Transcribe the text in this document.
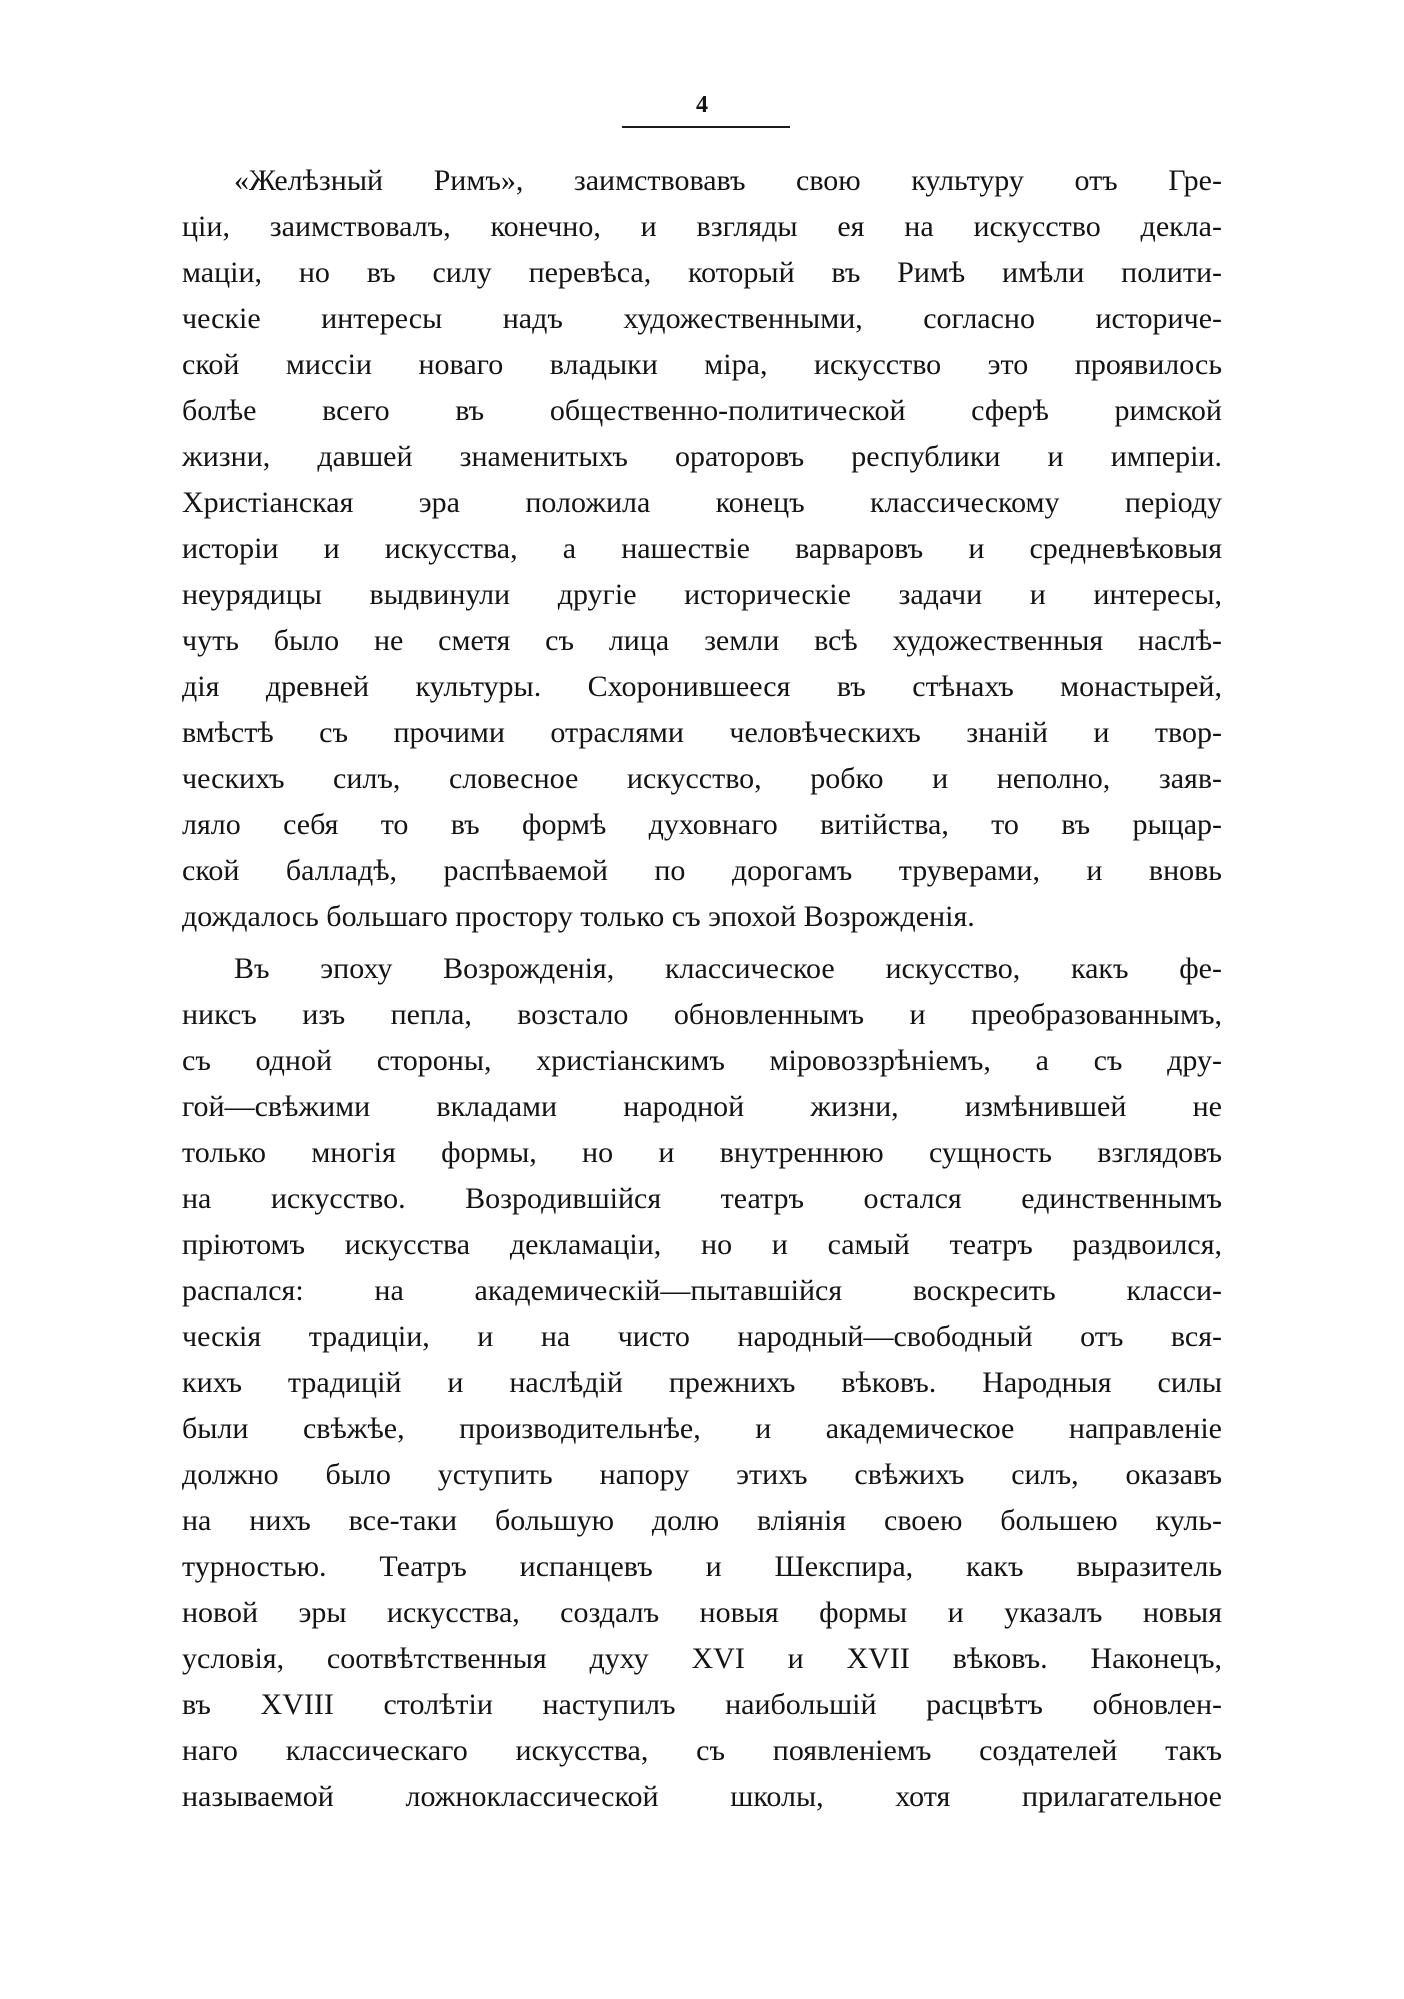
4
«Желѣзный Римъ», заимствовавъ свою культуру отъ Гре-
ціи, заимствовалъ, конечно, и взгляды ея на искусство декла-
маціи, но въ силу перевѣса, который въ Римѣ имѣли полити-
ческіе интересы надъ художественными, согласно историче-
ской миссіи новаго владыки міра, искусство это проявилось
болѣе всего въ общественно-политической сферѣ римской
жизни, давшей знаменитыхъ ораторовъ республики и имперіи.
Христіанская эра положила конецъ классическому періоду
исторіи и искусства, а нашествіе варваровъ и средневѣковыя
неурядицы выдвинули другіе историческіе задачи и интересы,
чуть было не сметя съ лица земли всѣ художественныя наслѣ-
дія древней культуры. Схоронившееся въ стѣнахъ монастырей,
вмѣстѣ съ прочими отраслями человѣческихъ знаній и твор-
ческихъ силъ, словесное искусство, робко и неполно, заяв-
ляло себя то въ формѣ духовнаго витійства, то въ рыцар-
ской балладѣ, распѣваемой по дорогамъ труверами, и вновь
дождалось большаго простору только съ эпохой Возрожденія.
Въ эпоху Возрожденія, классическое искусство, какъ фе-
никсъ изъ пепла, возстало обновленнымъ и преобразованнымъ,
съ одной стороны, христіанскимъ міровоззрѣніемъ, а съ дру-
гой—свѣжими вкладами народной жизни, измѣнившей не
только многія формы, но и внутреннюю сущность взглядовъ
на искусство. Возродившійся театръ остался единственнымъ
пріютомъ искусства декламаціи, но и самый театръ раздвоился,
распался: на академическій—пытавшійся воскресить класси-
ческія традиціи, и на чисто народный—свободный отъ вся-
кихъ традицій и наслѣдій прежнихъ вѣковъ. Народныя силы
были свѣжѣе, производительнѣе, и академическое направленіе
должно было уступить напору этихъ свѣжихъ силъ, оказавъ
на нихъ все-таки большую долю вліянія своею большею куль-
турностью. Театръ испанцевъ и Шекспира, какъ выразитель
новой эры искусства, создалъ новыя формы и указалъ новыя
условія, соотвѣтственныя духу XVI и XVII вѣковъ. Наконецъ,
въ XVIII столѣтіи наступилъ наибольшій расцвѣтъ обновлен-
наго классическаго искусства, съ появленіемъ создателей такъ
называемой ложноклассической школы, хотя прилагательное
